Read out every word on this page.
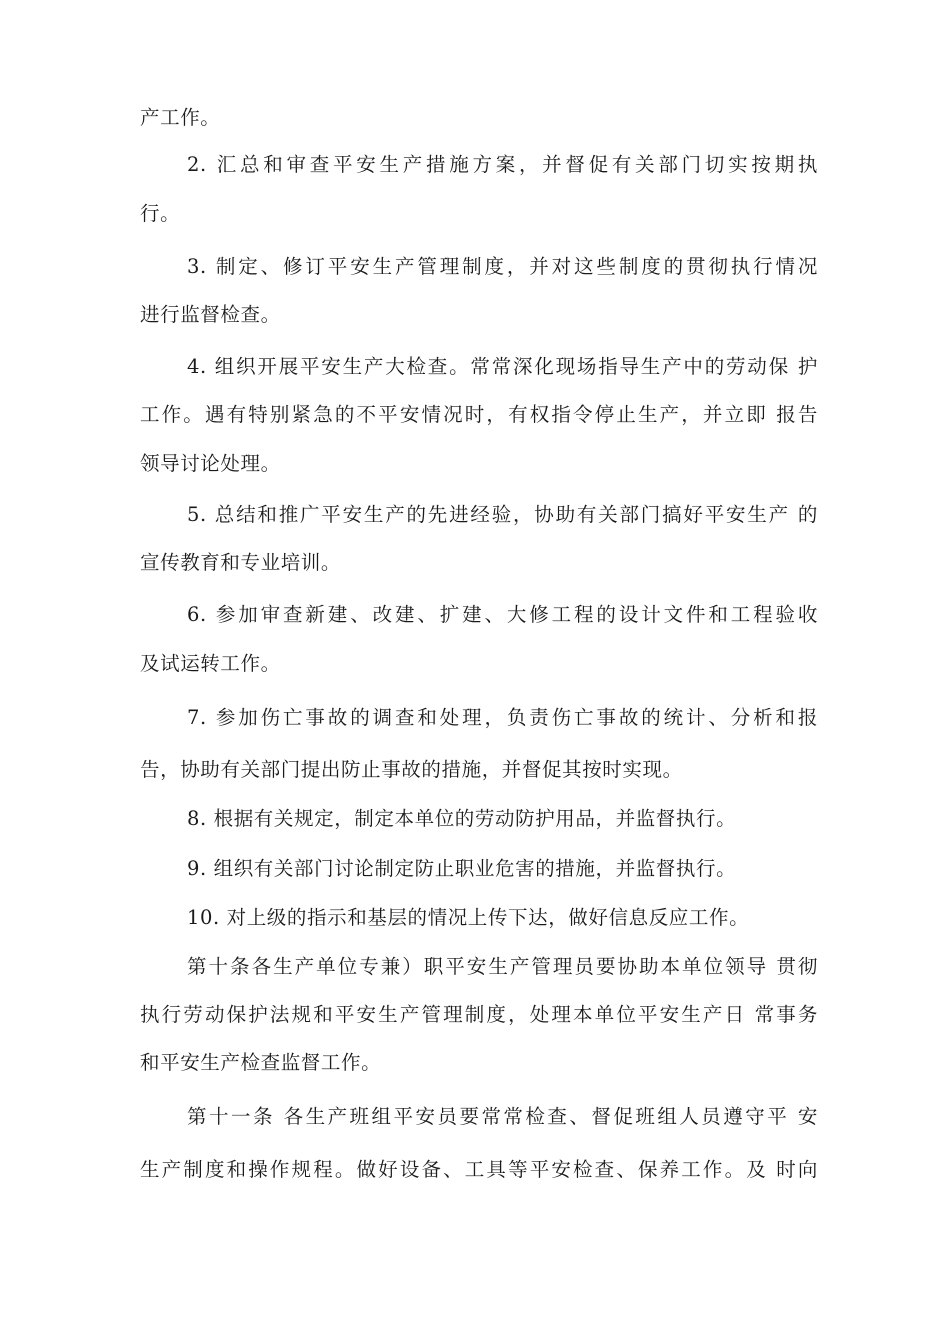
产工作。
2. 汇总和审查平安生产措施方案，并督促有关部门切实按期执
行。
3. 制定、修订平安生产管理制度，并对这些制度的贯彻执行情况
进行监督检查。
4. 组织开展平安生产大检查。常常深化现场指导生产中的劳动保 护
工作。遇有特别紧急的不平安情况时，有权指令停止生产，并立即 报告
领导讨论处理。
5. 总结和推广平安生产的先进经验，协助有关部门搞好平安生产 的
宣传教育和专业培训。
6. 参加审查新建、改建、扩建、大修工程的设计文件和工程验收
及试运转工作。
7. 参加伤亡事故的调查和处理，负责伤亡事故的统计、分析和报
告，协助有关部门提出防止事故的措施，并督促其按时实现。
8. 根据有关规定，制定本单位的劳动防护用品，并监督执行。
9. 组织有关部门讨论制定防止职业危害的措施，并监督执行。
10. 对上级的指示和基层的情况上传下达，做好信息反应工作。
第十条各生产单位专兼）职平安生产管理员要协助本单位领导 贯彻
执行劳动保护法规和平安生产管理制度，处理本单位平安生产日 常事务
和平安生产检查监督工作。
第十一条 各生产班组平安员要常常检查、督促班组人员遵守平 安
生产制度和操作规程。做好设备、工具等平安检查、保养工作。及 时向
